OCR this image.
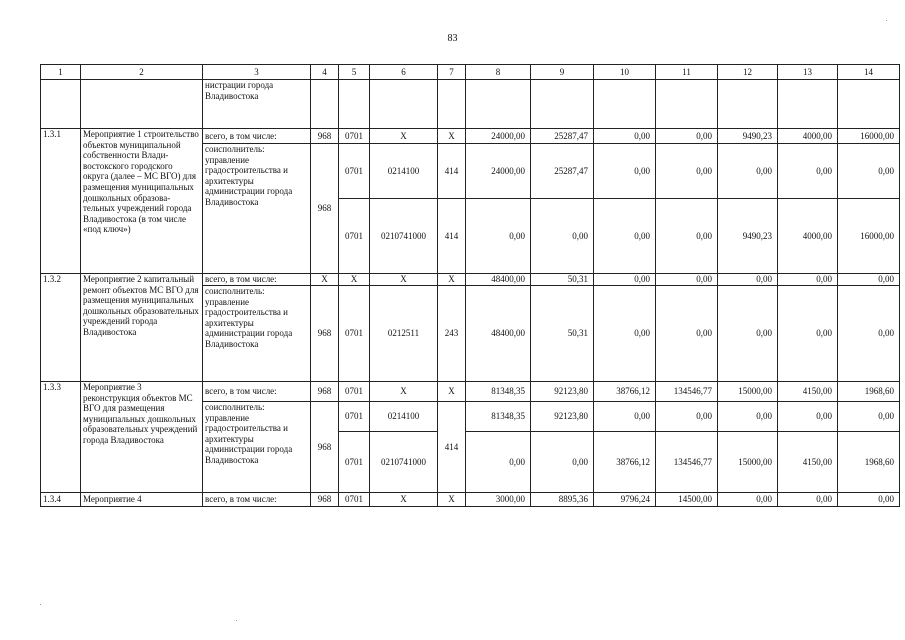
83
1	2	3	4	5	6	7	8	9	10	11	12	13	14
		нистрации города Владивостока											
1.3.1	Мероприятие 1 строительство объектов муниципальной собственности Влади-востокского городского округа (далее – МС ВГО) для размещения муниципальных дошкольных образова-тельных учреждений города Владивостока (в том числе «под ключ»)	всего, в том числе:	968	0701	Х	Х	24000,00	25287,47	0,00	0,00	9490,23	4000,00	16000,00
		соисполнитель: управление градостроительства и архитектуры администрации города Владивостока	968	0701	0214100	414	24000,00	25287,47	0,00	0,00	0,00	0,00	0,00
				0701	0210741000	414	0,00	0,00	0,00	0,00	9490,23	4000,00	16000,00
1.3.2	Мероприятие 2 капитальный ремонт объектов МС ВГО для размещения муниципальных дошкольных образовательных учреждений города Владивостока	всего, в том числе:	Х	Х	Х	Х	48400,00	50,31	0,00	0,00	0,00	0,00	0,00
		соисполнитель: управление градостроительства и архитектуры администрации города Владивостока	968	0701	0212511	243	48400,00	50,31	0,00	0,00	0,00	0,00	0,00
1.3.3	Мероприятие 3 реконструкция объектов МС ВГО для размещения муниципальных дошкольных образовательных учреждений города Владивостока	всего, в том числе:	968	0701	Х	Х	81348,35	92123,80	38766,12	134546,77	15000,00	4150,00	1968,60
		соисполнитель: управление градостроительства и архитектуры администрации города Владивостока	968	0701	0214100	414	81348,35	92123,80	0,00	0,00	0,00	0,00	0,00
				0701	0210741000		0,00	0,00	38766,12	134546,77	15000,00	4150,00	1968,60
1.3.4	Мероприятие 4	всего, в том числе:	968	0701	Х	Х	3000,00	8895,36	9796,24	14500,00	0,00	0,00	0,00
